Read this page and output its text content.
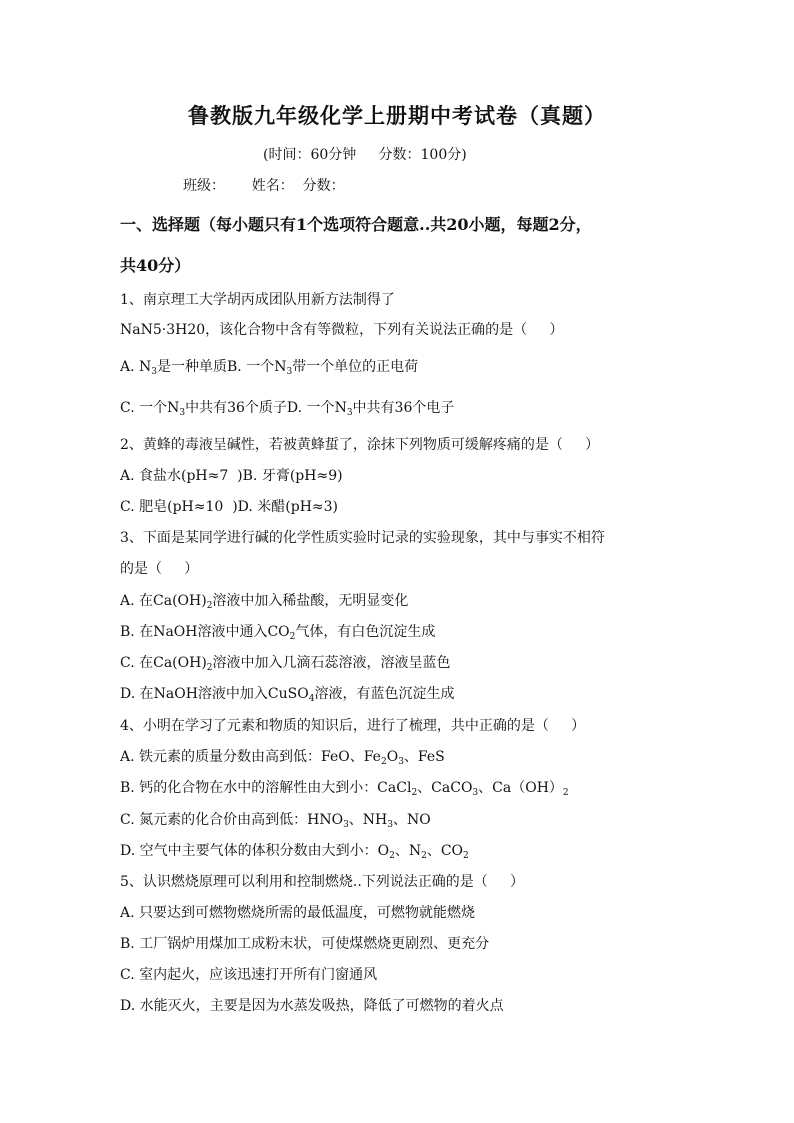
鲁教版九年级化学上册期中考试卷（真题）
(时间：60分钟     分数：100分)
班级：      姓名：  分数：
一、选择题（每小题只有1个选项符合题意..共20小题，每题2分，
共40分）
1、南京理工大学胡丙成团队用新方法制得了
NaN5·3H20，该化合物中含有等微粒，下列有关说法正确的是（     ）
A. $N_3$是一种单质B. 一个$N_3$带一个单位的正电荷
C. 一个$N_3$中共有36个质子D. 一个$N_3$中共有36个电子
2、黄蜂的毒液呈碱性，若被黄蜂蜇了，涂抹下列物质可缓解疼痛的是（     ）
A. 食盐水(pH≈7  )B. 牙膏(pH≈9)
C. 肥皂(pH≈10  )D. 米醋(pH≈3)
3、下面是某同学进行碱的化学性质实验时记录的实验现象，其中与事实不相符
的是（     ）
A. 在$Ca(OH)_2$溶液中加入稀盐酸，无明显变化
B. 在NaOH溶液中通入$CO_2$气体，有白色沉淀生成
C. 在$Ca(OH)_2$溶液中加入几滴石蕊溶液，溶液呈蓝色
D. 在NaOH溶液中加入CuSO$_4$溶液，有蓝色沉淀生成
4、小明在学习了元素和物质的知识后，进行了梳理，共中正确的是（     ）
A. 铁元素的质量分数由高到低：FeO、$Fe_2O_3$、FeS
B. 钙的化合物在水中的溶解性由大到小：CaCl$_2$、CaCO$_3$、$Ca(OH)_2$
C. 氮元素的化合价由高到低：$HNO_3$、$NH_3$、NO
D. 空气中主要气体的体积分数由大到小：$O_2$、$N_2$、$CO_2$
5、认识燃烧原理可以利用和控制燃烧..下列说法正确的是（     ）
A. 只要达到可燃物燃烧所需的最低温度，可燃物就能燃烧
B. 工厂锅炉用煤加工成粉末状，可使煤燃烧更剧烈、更充分
C. 室内起火，应该迅速打开所有门窗通风
D. 水能灭火，主要是因为水蒸发吸热，降低了可燃物的着火点
